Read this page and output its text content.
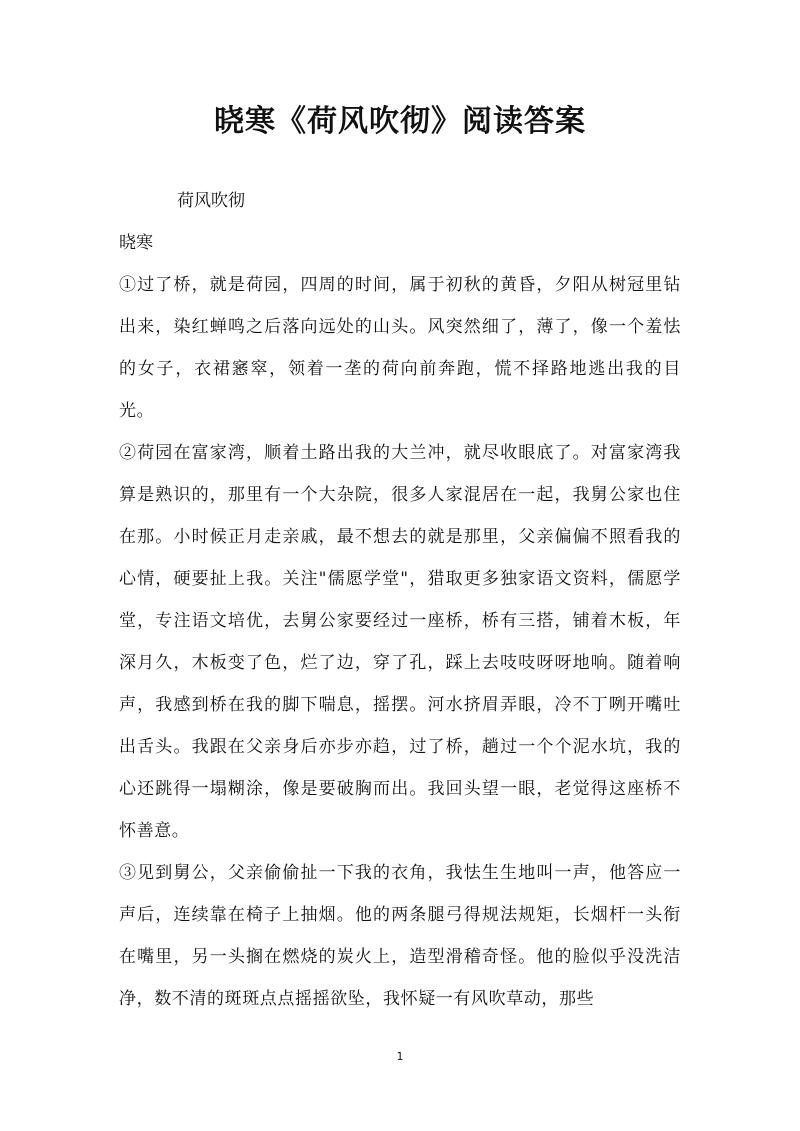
晓寒《荷风吹彻》阅读答案

荷风吹彻

晓寒

①过了桥，就是荷园，四周的时间，属于初秋的黄昏，夕阳从树冠里钻出来，染红蝉鸣之后落向远处的山头。风突然细了，薄了，像一个羞怯的女子，衣裙窸窣，领着一垄的荷向前奔跑，慌不择路地逃出我的目光。

②荷园在富家湾，顺着土路出我的大兰冲，就尽收眼底了。对富家湾我算是熟识的，那里有一个大杂院，很多人家混居在一起，我舅公家也住在那。小时候正月走亲戚，最不想去的就是那里，父亲偏偏不照看我的心情，硬要扯上我。关注"儒愿学堂"，猎取更多独家语文资料，儒愿学堂，专注语文培优，去舅公家要经过一座桥，桥有三搭，铺着木板，年深月久，木板变了色，烂了边，穿了孔，踩上去吱吱呀呀地响。随着响声，我感到桥在我的脚下喘息，摇摆。河水挤眉弄眼，冷不丁咧开嘴吐出舌头。我跟在父亲身后亦步亦趋，过了桥，趟过一个个泥水坑，我的心还跳得一塌糊涂，像是要破胸而出。我回头望一眼，老觉得这座桥不怀善意。

③见到舅公，父亲偷偷扯一下我的衣角，我怯生生地叫一声，他答应一声后，连续靠在椅子上抽烟。他的两条腿弓得规法规矩，长烟杆一头衔在嘴里，另一头搁在燃烧的炭火上，造型滑稽奇怪。他的脸似乎没洗洁净，数不清的斑斑点点摇摇欲坠，我怀疑一有风吹草动，那些

1
